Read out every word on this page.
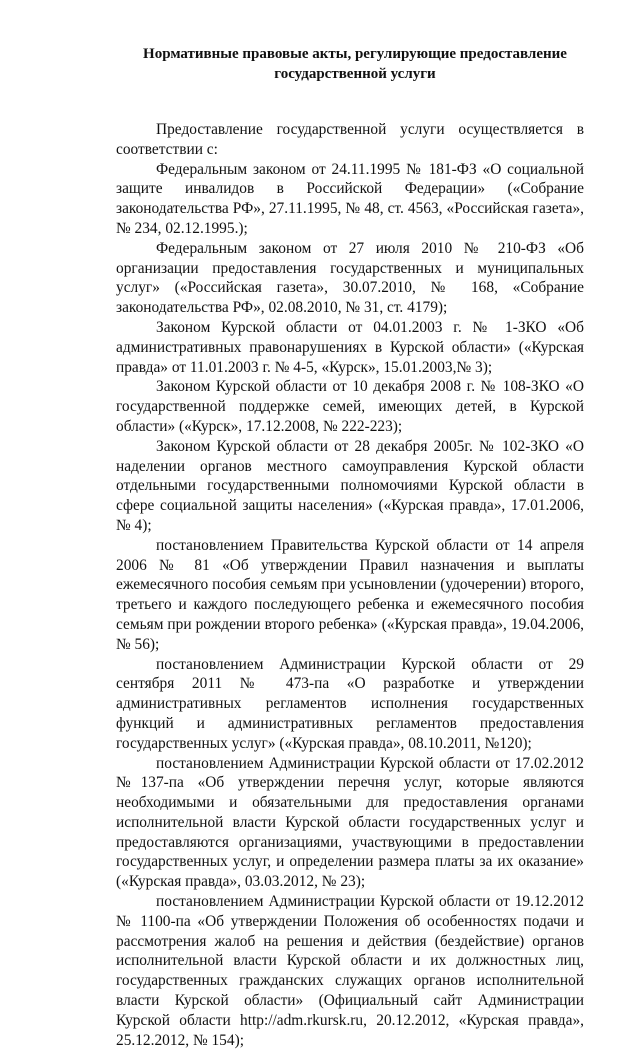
Нормативные правовые акты, регулирующие предоставление
государственной услуги

Предоставление государственной услуги осуществляется в соответствии с:

Федеральным законом от 24.11.1995 № 181-ФЗ «О социальной защите инвалидов в Российской Федерации» («Собрание законодательства РФ», 27.11.1995, № 48, ст. 4563, «Российская газета», № 234, 02.12.1995.);

Федеральным законом от 27 июля 2010 № 210-ФЗ «Об организации предоставления государственных и муниципальных услуг» («Российская газета», 30.07.2010, № 168, «Собрание законодательства РФ», 02.08.2010, № 31, ст. 4179);

Законом Курской области от 04.01.2003 г. № 1-ЗКО «Об административных правонарушениях в Курской области» («Курская правда» от 11.01.2003 г. № 4-5, «Курск», 15.01.2003,№ 3);

Законом Курской области от 10 декабря 2008 г. № 108-ЗКО «О государственной поддержке семей, имеющих детей, в Курской области» («Курск», 17.12.2008, № 222-223);

Законом Курской области от 28 декабря 2005г. № 102-ЗКО «О наделении органов местного самоуправления Курской области отдельными государственными полномочиями Курской области в сфере социальной защиты населения» («Курская правда», 17.01.2006, № 4);

постановлением Правительства Курской области от 14 апреля 2006 № 81 «Об утверждении Правил назначения и выплаты ежемесячного пособия семьям при усыновлении (удочерении) второго, третьего и каждого последующего ребенка и ежемесячного пособия семьям при рождении второго ребенка» («Курская правда», 19.04.2006, № 56);

постановлением Администрации Курской области от 29 сентября 2011 № 473-па «О разработке и утверждении административных регламентов исполнения государственных функций и административных регламентов предоставления государственных услуг» («Курская правда», 08.10.2011, №120);

постановлением Администрации Курской области от 17.02.2012 №137-па «Об утверждении перечня услуг, которые являются необходимыми и обязательными для предоставления органами исполнительной власти Курской области государственных услуг и предоставляются организациями, участвующими в предоставлении государственных услуг, и определении размера платы за их оказание» («Курская правда», 03.03.2012, № 23);

постановлением Администрации Курской области от 19.12.2012 № 1100-па «Об утверждении Положения об особенностях подачи и рассмотрения жалоб на решения и действия (бездействие) органов исполнительной власти Курской области и их должностных лиц, государственных гражданских служащих органов исполнительной власти Курской области» (Официальный сайт Администрации Курской области http://adm.rkursk.ru, 20.12.2012, «Курская правда», 25.12.2012, № 154);
